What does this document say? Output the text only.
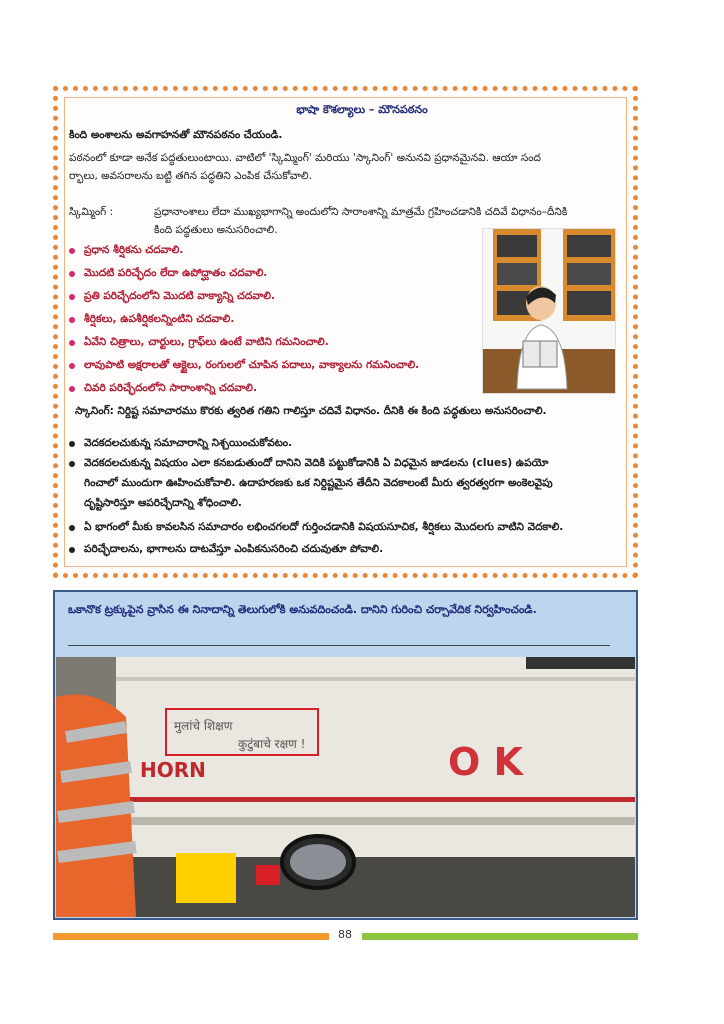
భాషా కౌశల్యాలు – మౌనపఠనం
కింది అంశాలను అవగాహనతో మౌనపఠనం చేయండి.
పఠనంలో కూడా అనేక పద్ధతులుంటాయి. వాటిలో 'స్కిమ్మింగ్' మరియు 'స్కానింగ్' అనునవి ప్రధానమైనవి. ఆయా సంద
ర్భాలు, అవసరాలను బట్టి తగిన పద్ధతిని ఎంపిక చేసుకోవాలి.
స్కిమ్మింగ్ :	ప్రధానాంశాలు లేదా ముఖ్యభాగాన్ని అందులోని సారాంశాన్ని మాత్రమే గ్రహించడానికి చదివే విధానం–దీనికి
కింది పద్ధతులు అనుసరించాలి.
ప్రధాన శీర్షికను చదవాలి.
మొదటి పరిచ్ఛేదం లేదా ఉపోద్ఘాతం చదవాలి.
ప్రతి పరిచ్ఛేదంలోని మొదటి వాక్యాన్ని చదవాలి.
శీర్షికలు, ఉపశీర్షికలన్నింటిని చదవాలి.
ఏవేని చిత్రాలు, చార్టులు, గ్రాఫ్‌లు ఉంటే వాటిని గమనించాలి.
లావుపాటి అక్షరాలతో ఆక్టైలు, రంగులలో చూపిన పదాలు, వాక్యాలను గమనించాలి.
చివరి పరిచ్ఛేదంలోని సారాంశాన్ని చదవాలి.
స్కానింగ్: నిర్దిష్ట సమాచారము కొరకు త్వరిత గతిని గాలిస్తూ చదివే విధానం. దీనికి ఈ కింది పద్ధతులు అనుసరించాలి.
వెదకదలచుకున్న సమాచారాన్ని నిశ్చయించుకోవటం.
వెదకదలచుకున్న విషయం ఎలా కనబడుతుందో దానిని వెదికి పట్టుకోడానికి ఏ విధమైన జాడలను (clues) ఉపయో
గించాలో ముందుగా ఊహించుకోవాలి. ఉదాహరణకు ఒక నిర్దిష్టమైన తేదీని వెదకాలంటే మీరు త్వరత్వరగా అంకెలవైపు
దృష్టిసారిస్తూ ఆపరిచ్ఛేదాన్ని శోధించాలి.
ఏ భాగంలో మీకు కావలసిన సమాచారం లభించగలదో గుర్తించడానికి విషయసూచిక, శీర్షికలు మొదలగు వాటిని వెదకాలి.
పరిచ్ఛేదాలను, భాగాలను దాటవేస్తూ ఎంపికనుసరించి చదువుతూ పోవాలి.
ఒకానొక ట్రక్కుపైన వ్రాసిన ఈ నినాదాన్ని తెలుగులోకి అనువదించండి. దానిని గురించి చర్చావేదిక నిర్వహించండి.
मुलांचे शिक्षण
कुटुंबाचे रक्षण !
HORN	O K
88
